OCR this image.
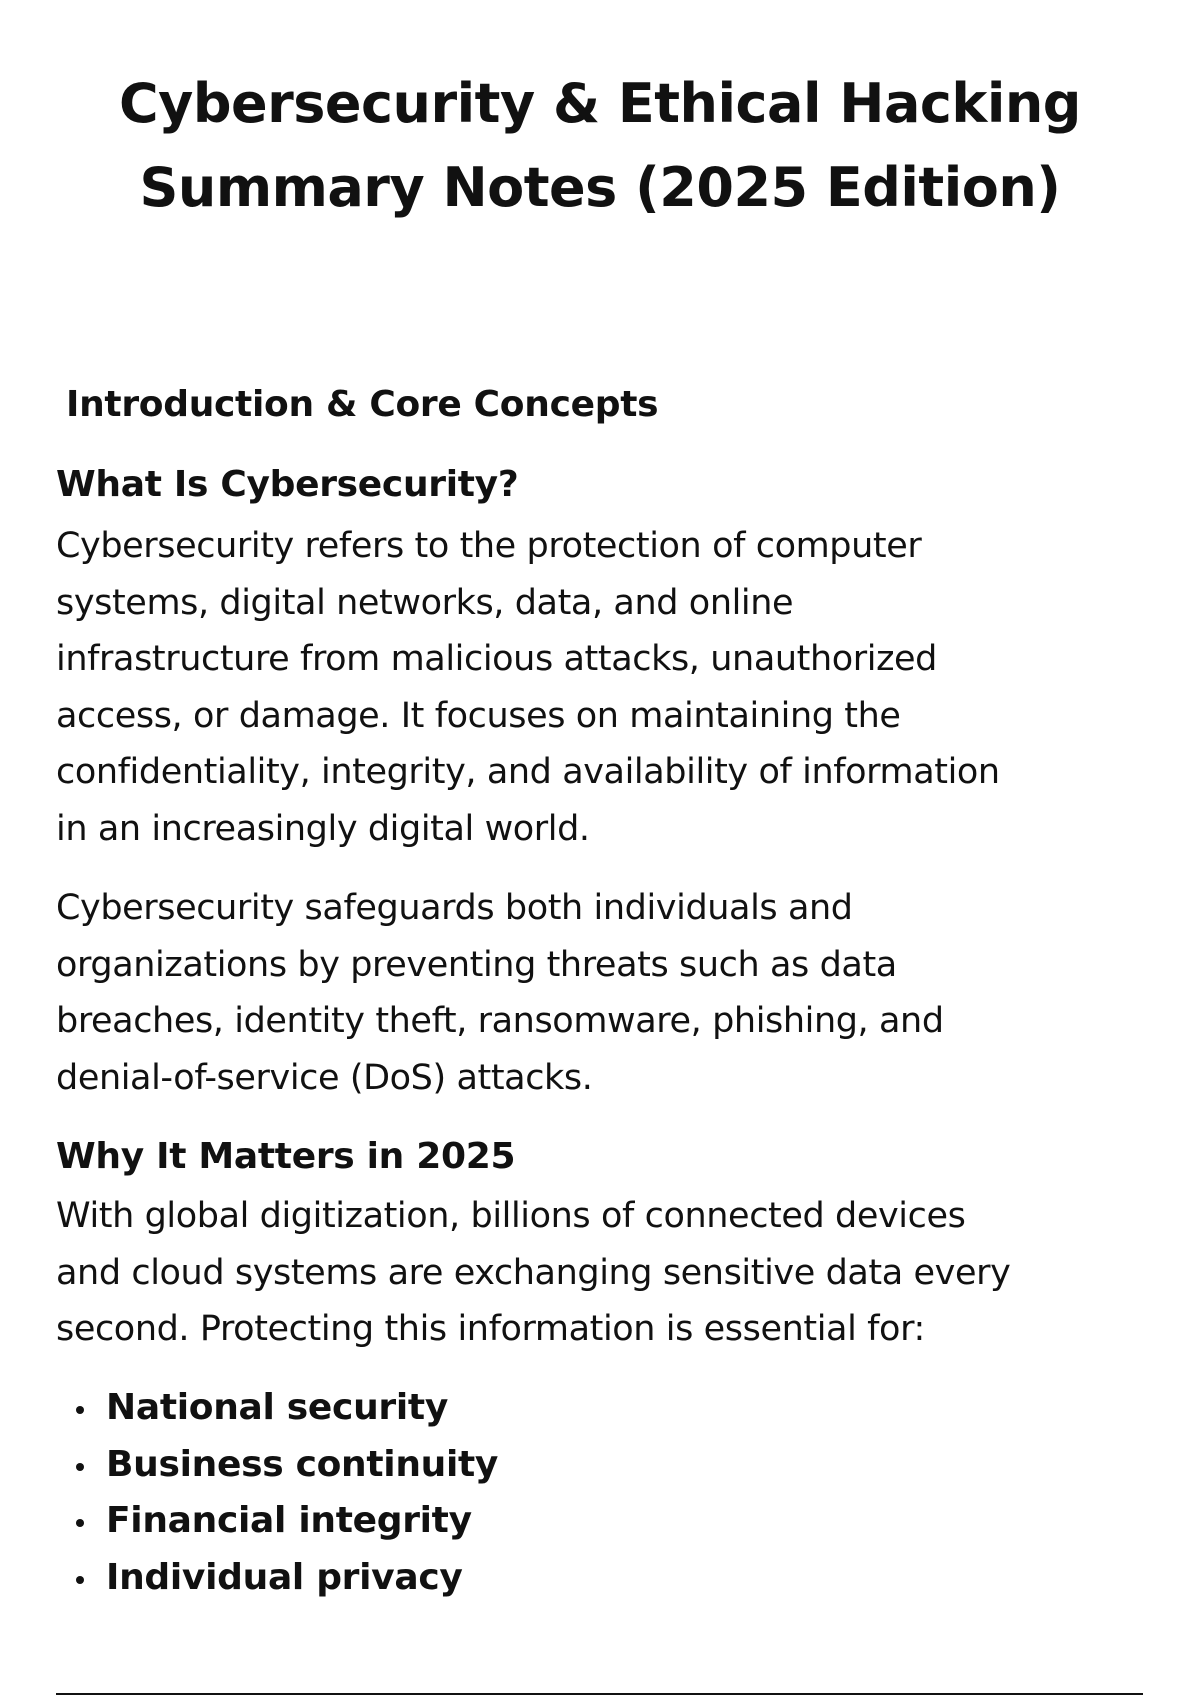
Cybersecurity & Ethical Hacking
Summary Notes (2025 Edition)
Introduction & Core Concepts
What Is Cybersecurity?

Cybersecurity refers to the protection of computer
systems, digital networks, data, and online
infrastructure from malicious attacks, unauthorized
access, or damage. It focuses on maintaining the
confidentiality, integrity, and availability of information
in an increasingly digital world.

Cybersecurity safeguards both individuals and
organizations by preventing threats such as data
breaches, identity theft, ransomware, phishing, and
denial-of-service (DoS) attacks.

Why It Matters in 2025

With global digitization, billions of connected devices
and cloud systems are exchanging sensitive data every
second. Protecting this information is essential for:

National security
Business continuity
Financial integrity
Individual privacy
